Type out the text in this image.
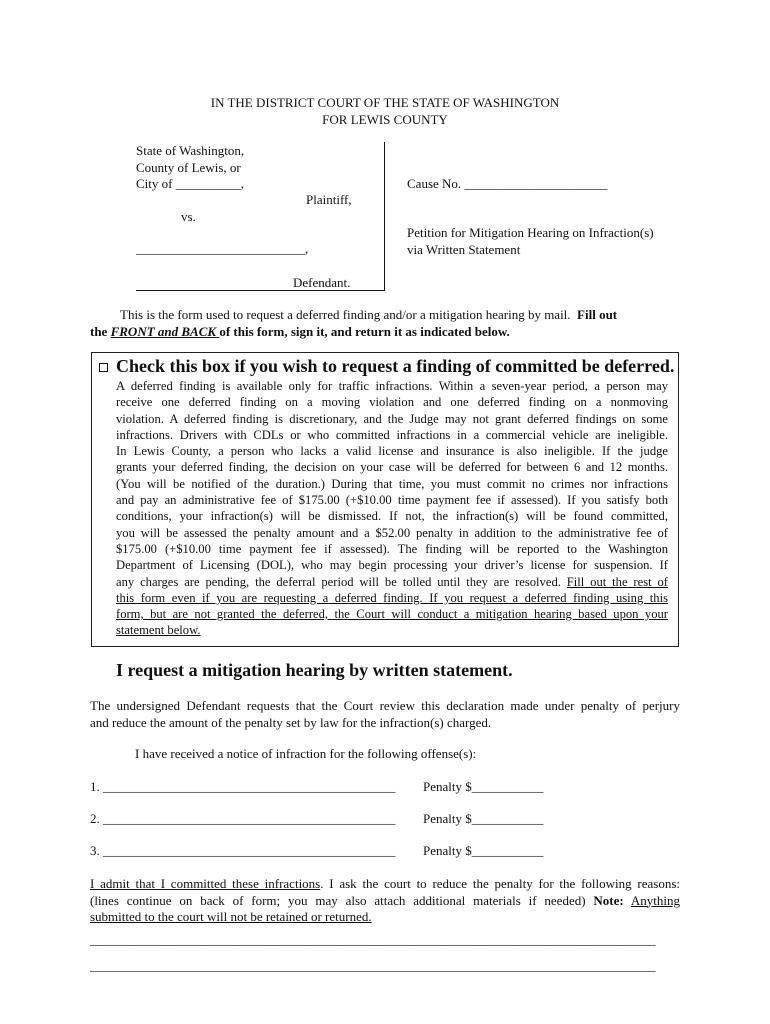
IN THE DISTRICT COURT OF THE STATE OF WASHINGTON
FOR LEWIS COUNTY
State of Washington,
County of Lewis, or
City of __________,
Plaintiff,
vs.
__________________________,
Defendant.
Cause No. ______________________
Petition for Mitigation Hearing on Infraction(s)
via Written Statement
This is the form used to request a deferred finding and/or a mitigation hearing by mail. Fill out
the FRONT and BACK of this form, sign it, and return it as indicated below.
Check this box if you wish to request a finding of committed be deferred.
A deferred finding is available only for traffic infractions. Within a seven-year period, a person may
receive one deferred finding on a moving violation and one deferred finding on a nonmoving
violation. A deferred finding is discretionary, and the Judge may not grant deferred findings on some
infractions. Drivers with CDLs or who committed infractions in a commercial vehicle are ineligible.
In Lewis County, a person who lacks a valid license and insurance is also ineligible. If the judge
grants your deferred finding, the decision on your case will be deferred for between 6 and 12 months.
(You will be notified of the duration.) During that time, you must commit no crimes nor infractions
and pay an administrative fee of $175.00 (+$10.00 time payment fee if assessed). If you satisfy both
conditions, your infraction(s) will be dismissed. If not, the infraction(s) will be found committed,
you will be assessed the penalty amount and a $52.00 penalty in addition to the administrative fee of
$175.00 (+$10.00 time payment fee if assessed). The finding will be reported to the Washington
Department of Licensing (DOL), who may begin processing your driver’s license for suspension. If
any charges are pending, the deferral period will be tolled until they are resolved. Fill out the rest of
this form even if you are requesting a deferred finding. If you request a deferred finding using this
form, but are not granted the deferred, the Court will conduct a mitigation hearing based upon your
statement below.
I request a mitigation hearing by written statement.
The undersigned Defendant requests that the Court review this declaration made under penalty of perjury
and reduce the amount of the penalty set by law for the infraction(s) charged.
I have received a notice of infraction for the following offense(s):
1. _____________________________________________ Penalty $___________
2. _____________________________________________ Penalty $___________
3. _____________________________________________ Penalty $___________
I admit that I committed these infractions. I ask the court to reduce the penalty for the following reasons:
(lines continue on back of form; you may also attach additional materials if needed) Note: Anything
submitted to the court will not be retained or returned.
_______________________________________________________________________________________
_______________________________________________________________________________________
